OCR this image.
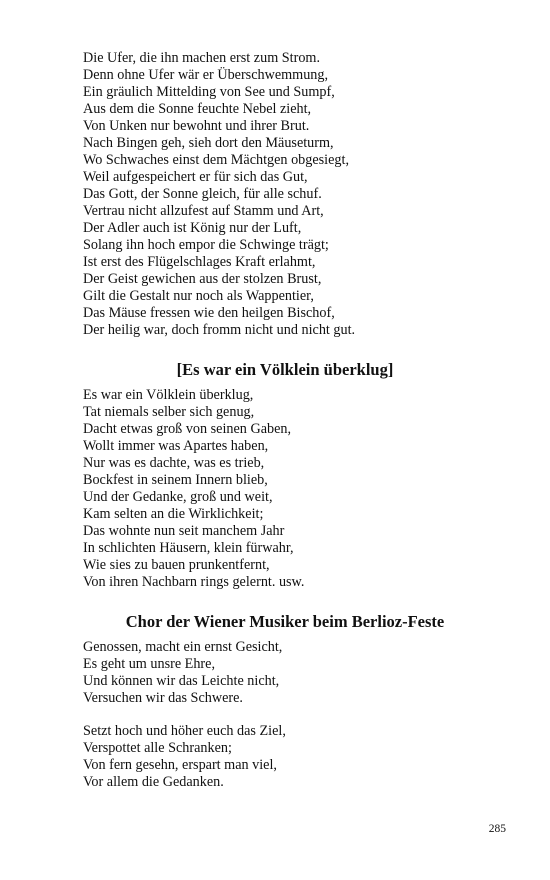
Die Ufer, die ihn machen erst zum Strom.
Denn ohne Ufer wär er Überschwemmung,
Ein gräulich Mittelding von See und Sumpf,
Aus dem die Sonne feuchte Nebel zieht,
Von Unken nur bewohnt und ihrer Brut.
Nach Bingen geh, sieh dort den Mäuseturm,
Wo Schwaches einst dem Mächtgen obgesiegt,
Weil aufgespeichert er für sich das Gut,
Das Gott, der Sonne gleich, für alle schuf.
Vertrau nicht allzufest auf Stamm und Art,
Der Adler auch ist König nur der Luft,
Solang ihn hoch empor die Schwinge trägt;
Ist erst des Flügelschlages Kraft erlahmt,
Der Geist gewichen aus der stolzen Brust,
Gilt die Gestalt nur noch als Wappentier,
Das Mäuse fressen wie den heilgen Bischof,
Der heilig war, doch fromm nicht und nicht gut.
[Es war ein Völklein überklug]
Es war ein Völklein überklug,
Tat niemals selber sich genug,
Dacht etwas groß von seinen Gaben,
Wollt immer was Apartes haben,
Nur was es dachte, was es trieb,
Bockfest in seinem Innern blieb,
Und der Gedanke, groß und weit,
Kam selten an die Wirklichkeit;
Das wohnte nun seit manchem Jahr
In schlichten Häusern, klein fürwahr,
Wie sies zu bauen prunkentfernt,
Von ihren Nachbarn rings gelernt. usw.
Chor der Wiener Musiker beim Berlioz-Feste
Genossen, macht ein ernst Gesicht,
Es geht um unsre Ehre,
Und können wir das Leichte nicht,
Versuchen wir das Schwere.
Setzt hoch und höher euch das Ziel,
Verspottet alle Schranken;
Von fern gesehn, erspart man viel,
Vor allem die Gedanken.
285
